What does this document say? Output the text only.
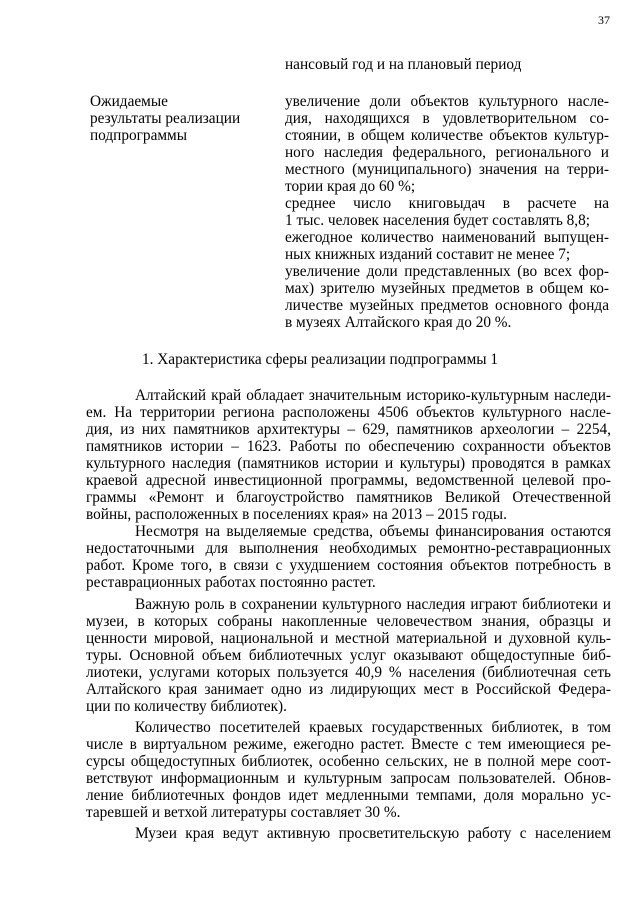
37
нансовый год и на плановый период
Ожидаемые
результаты реализации
подпрограммы
увеличение доли объектов культурного насле-
дия, находящихся в удовлетворительном со-
стоянии, в общем количестве объектов культур-
ного наследия федерального, регионального и
местного (муниципального) значения на терри-
тории края до 60 %;
среднее число книговыдач в расчете на
1 тыс. человек населения будет составлять 8,8;
ежегодное количество наименований выпущен-
ных книжных изданий составит не менее 7;
увеличение доли представленных (во всех фор-
мах) зрителю музейных предметов в общем ко-
личестве музейных предметов основного фонда
в музеях Алтайского края до 20 %.
1. Характеристика сферы реализации подпрограммы 1
Алтайский край обладает значительным историко-культурным наследи-
ем. На территории региона расположены 4506 объектов культурного насле-
дия, из них памятников архитектуры – 629, памятников археологии – 2254,
памятников истории – 1623. Работы по обеспечению сохранности объектов
культурного наследия (памятников истории и культуры) проводятся в рамках
краевой адресной инвестиционной программы, ведомственной целевой про-
граммы «Ремонт и благоустройство памятников Великой Отечественной
войны, расположенных в поселениях края» на 2013 – 2015 годы.
Несмотря на выделяемые средства, объемы финансирования остаются
недостаточными для выполнения необходимых ремонтно-реставрационных
работ. Кроме того, в связи с ухудшением состояния объектов потребность в
реставрационных работах постоянно растет.
Важную роль в сохранении культурного наследия играют библиотеки и
музеи, в которых собраны накопленные человечеством знания, образцы и
ценности мировой, национальной и местной материальной и духовной куль-
туры. Основной объем библиотечных услуг оказывают общедоступные биб-
лиотеки, услугами которых пользуется 40,9 % населения (библиотечная сеть
Алтайского края занимает одно из лидирующих мест в Российской Федера-
ции по количеству библиотек).
Количество посетителей краевых государственных библиотек, в том
числе в виртуальном режиме, ежегодно растет. Вместе с тем имеющиеся ре-
сурсы общедоступных библиотек, особенно сельских, не в полной мере соот-
ветствуют информационным и культурным запросам пользователей. Обнов-
ление библиотечных фондов идет медленными темпами, доля морально ус-
таревшей и ветхой литературы составляет 30 %.
Музеи края ведут активную просветительскую работу с населением
